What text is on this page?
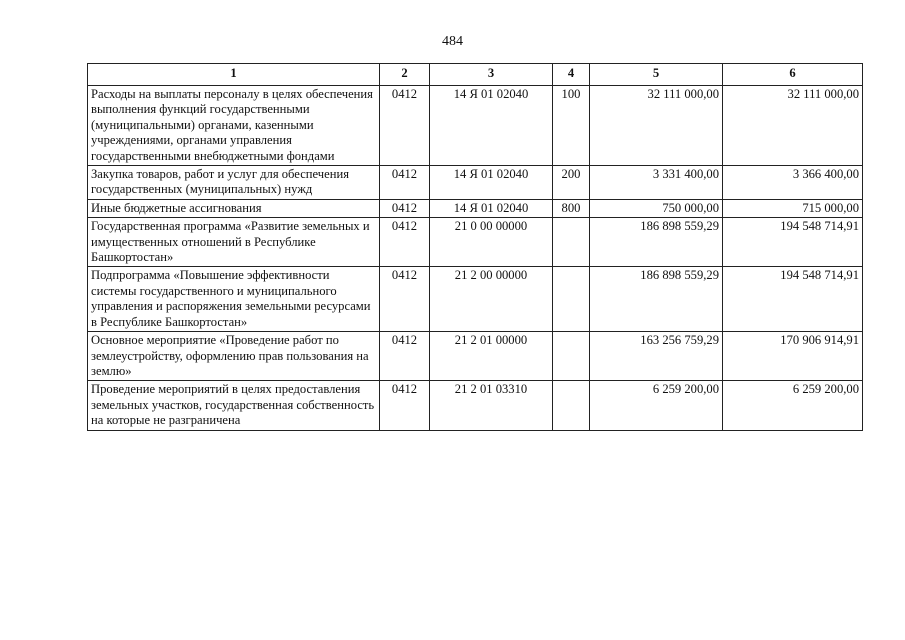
484
1	2	3	4	5	6
Расходы на выплаты персоналу в целях обеспечения выполнения функций государственными (муниципальными) органами, казенными учреждениями, органами управления государственными внебюджетными фондами	0412	14 Я 01 02040	100	32 111 000,00	32 111 000,00
Закупка товаров, работ и услуг для обеспечения государственных (муниципальных) нужд	0412	14 Я 01 02040	200	3 331 400,00	3 366 400,00
Иные бюджетные ассигнования	0412	14 Я 01 02040	800	750 000,00	715 000,00
Государственная программа «Развитие земельных и имущественных отношений в Республике Башкортостан»	0412	21 0 00 00000		186 898 559,29	194 548 714,91
Подпрограмма «Повышение эффективности системы государственного и муниципального управления и распоряжения земельными ресурсами в Республике Башкортостан»	0412	21 2 00 00000		186 898 559,29	194 548 714,91
Основное мероприятие «Проведение работ по землеустройству, оформлению прав пользования на землю»	0412	21 2 01 00000		163 256 759,29	170 906 914,91
Проведение мероприятий в целях предоставления земельных участков, государственная собственность на которые не разграничена	0412	21 2 01 03310		6 259 200,00	6 259 200,00
